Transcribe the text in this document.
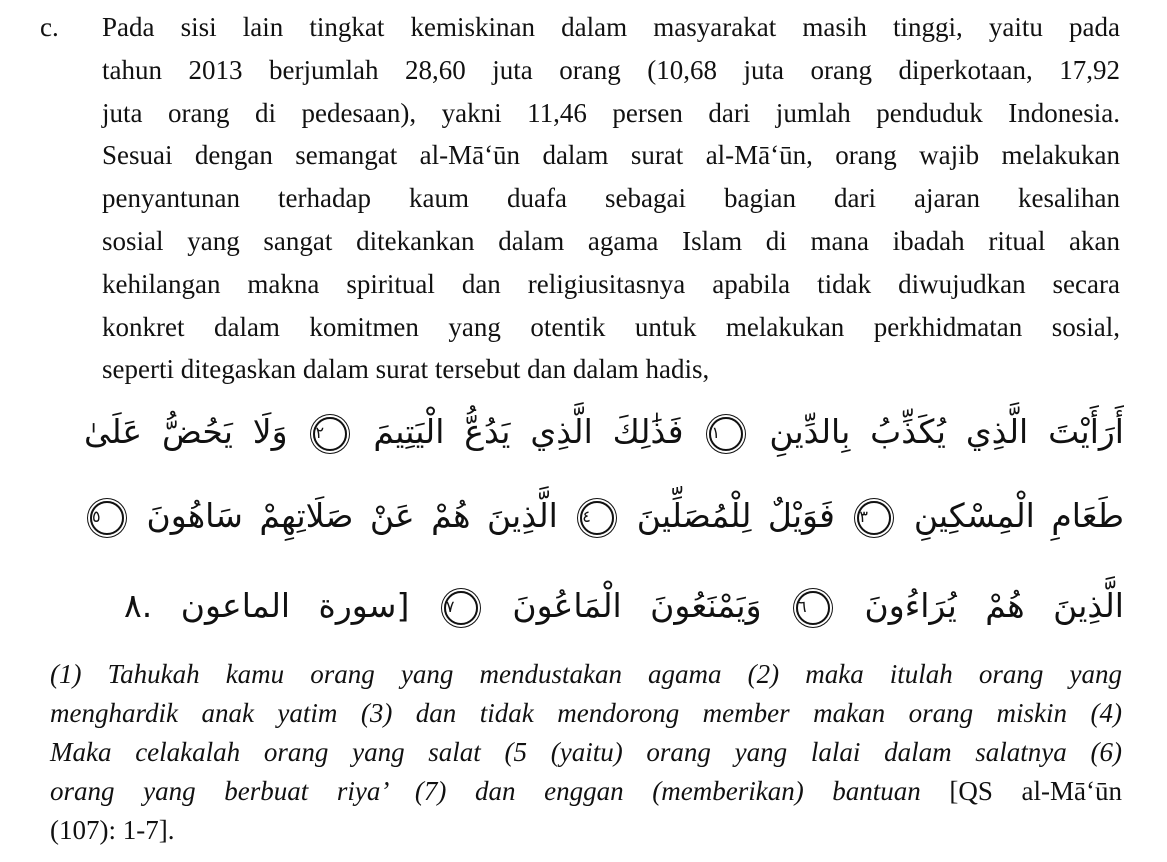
c. Pada sisi lain tingkat kemiskinan dalam masyarakat masih tinggi, yaitu pada
tahun 2013 berjumlah 28,60 juta orang (10,68 juta orang diperkotaan, 17,92
juta orang di pedesaan), yakni 11,46 persen dari jumlah penduduk Indonesia.
Sesuai dengan semangat al-Mā‘ūn dalam surat al-Mā‘ūn, orang wajib melakukan
penyantunan terhadap kaum duafa sebagai bagian dari ajaran kesalihan
sosial yang sangat ditekankan dalam agama Islam di mana ibadah ritual akan
kehilangan makna spiritual dan religiusitasnya apabila tidak diwujudkan secara
konkret dalam komitmen yang otentik untuk melakukan perkhidmatan sosial,
seperti ditegaskan dalam surat tersebut dan dalam hadis,
أَرَأَيْتَ الَّذِي يُكَذِّبُ بِالدِّينِ ١ فَذَٰلِكَ الَّذِي يَدُعُّ الْيَتِيمَ ٢ وَلَا يَحُضُّ عَلَىٰ
طَعَامِ الْمِسْكِينِ ٣ فَوَيْلٌ لِلْمُصَلِّينَ ٤ الَّذِينَ هُمْ عَنْ صَلَاتِهِمْ سَاهُونَ ٥
الَّذِينَ هُمْ يُرَاءُونَ ٦ وَيَمْنَعُونَ الْمَاعُونَ ٧ [سورة الماعون .٨
(1) Tahukah kamu orang yang mendustakan agama (2) maka itulah orang yang
menghardik anak yatim (3) dan tidak mendorong member makan orang miskin (4)
Maka celakalah orang yang salat (5 (yaitu) orang yang lalai dalam salatnya (6)
orang yang berbuat riya’ (7) dan enggan (memberikan) bantuan [QS al-Mā‘ūn
(107): 1-7].
